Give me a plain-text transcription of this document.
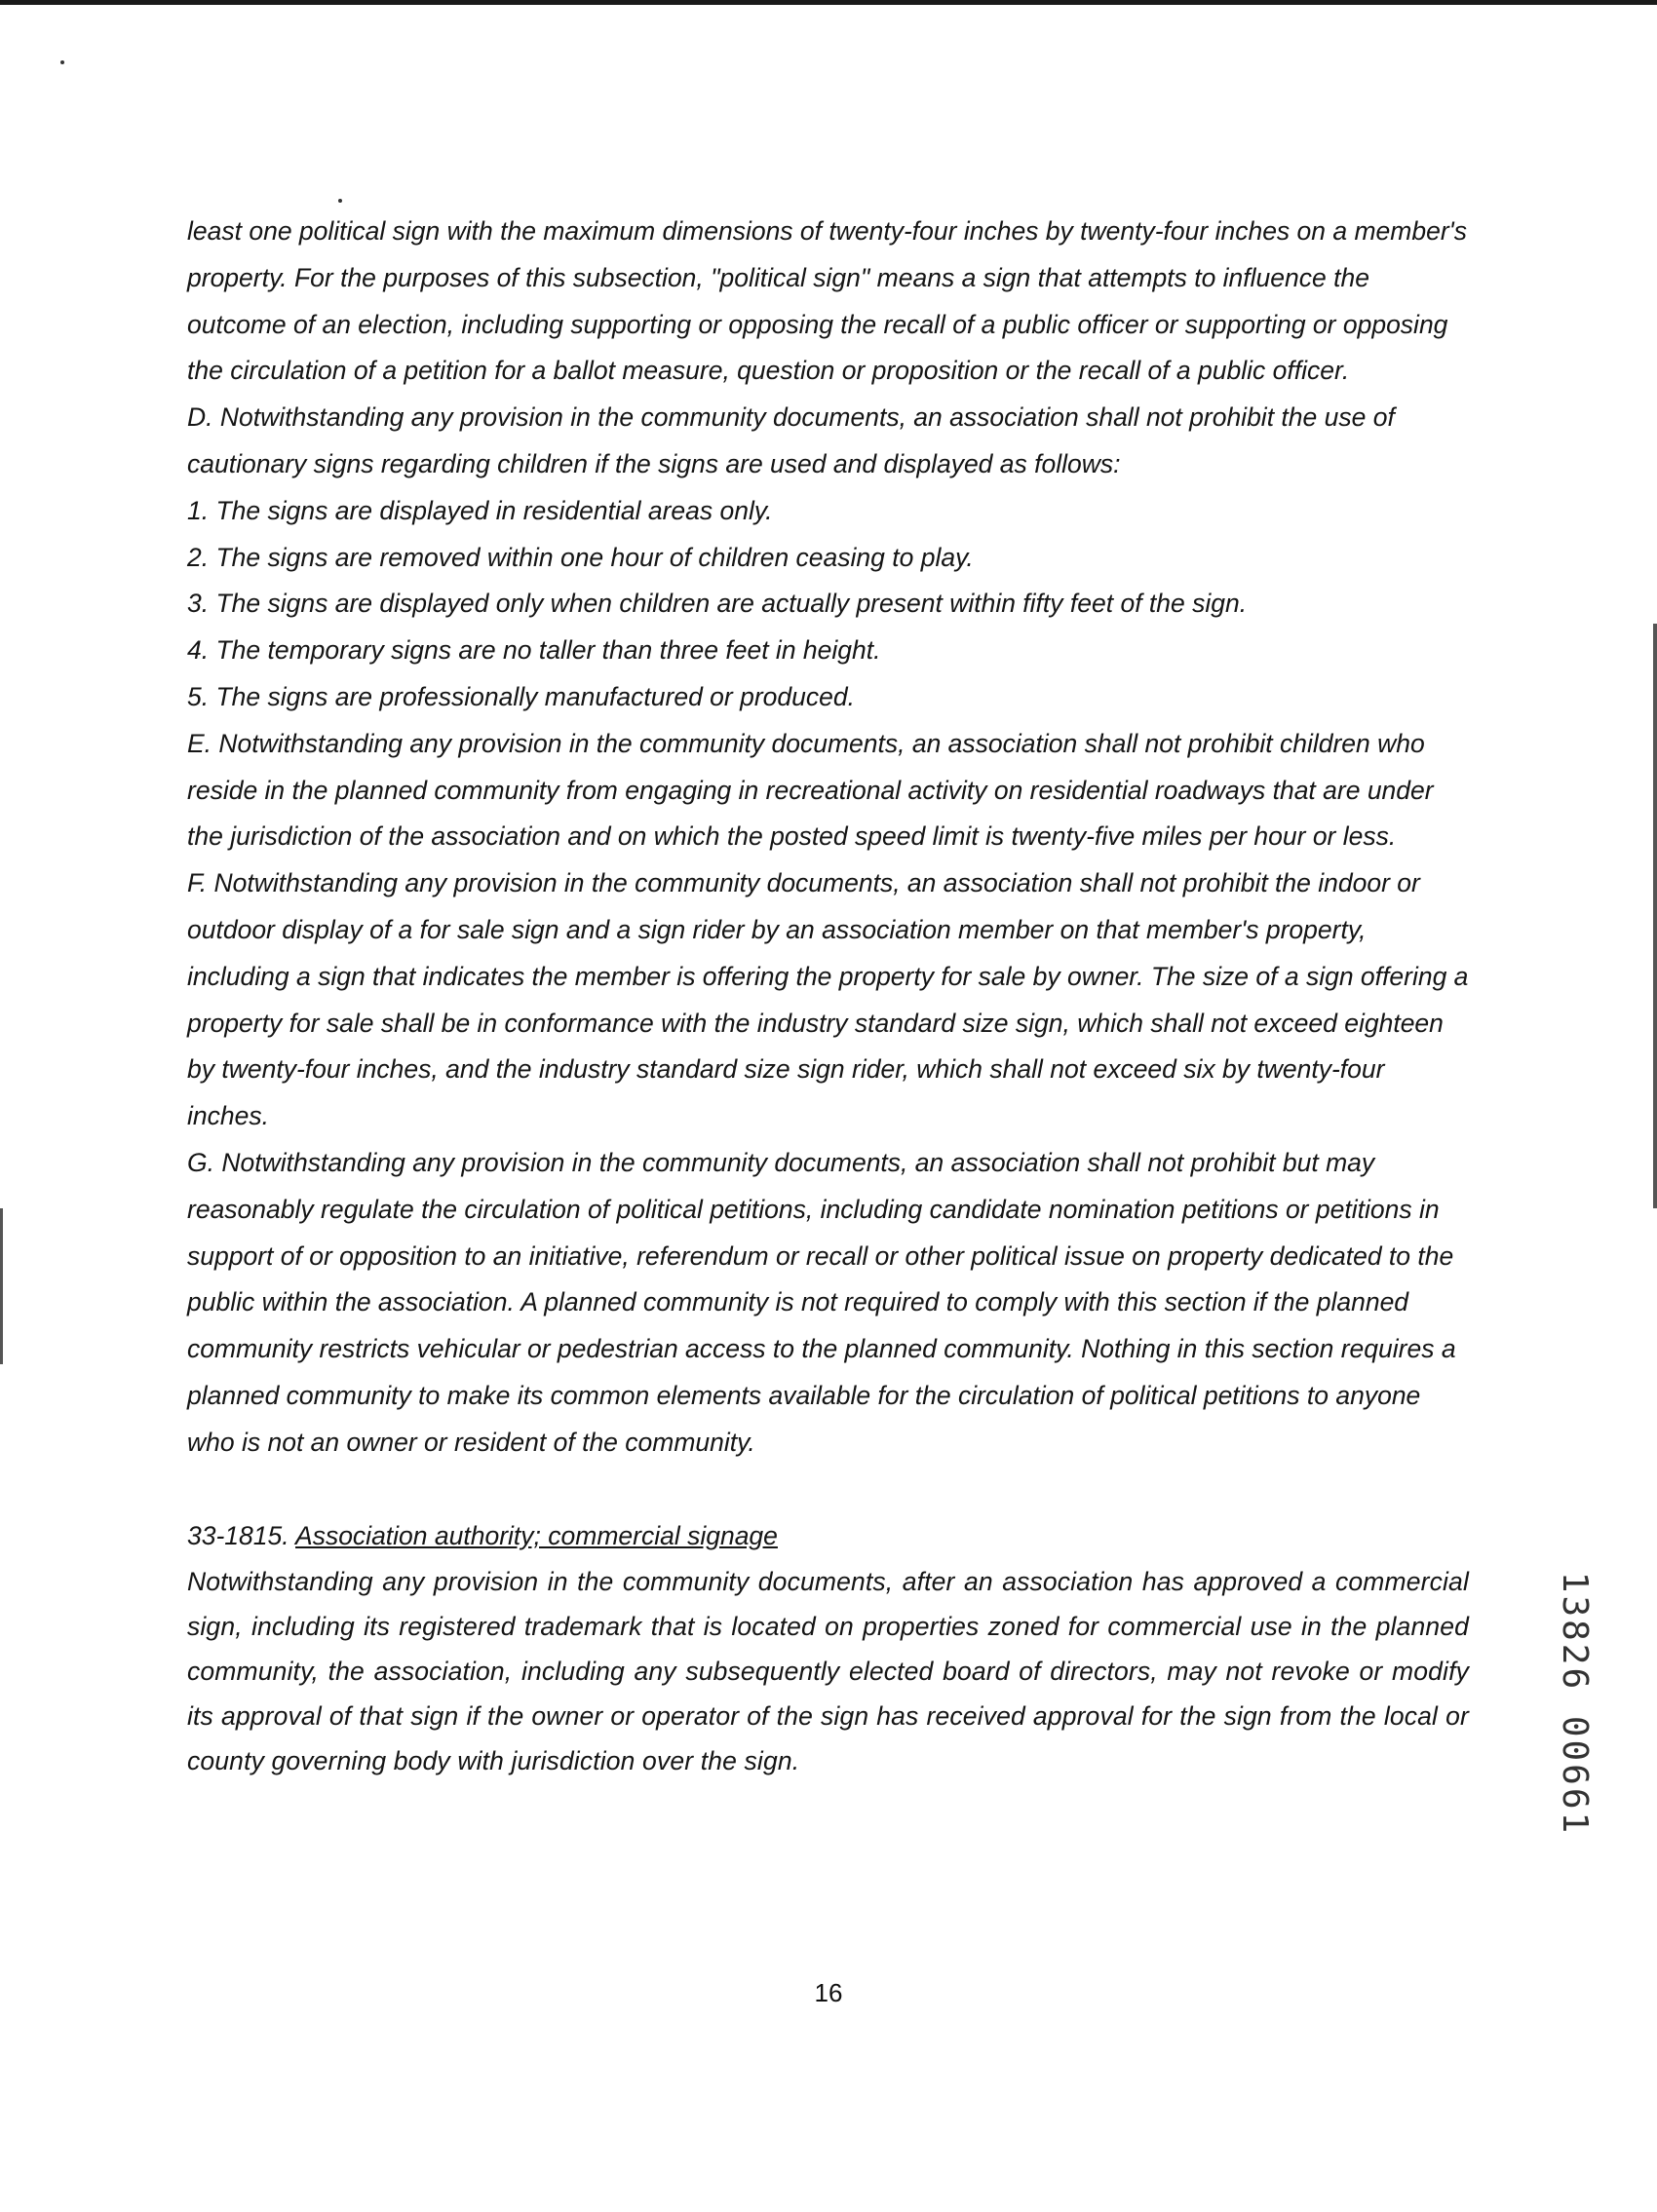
least one political sign with the maximum dimensions of twenty-four inches by twenty-four inches on a member's property. For the purposes of this subsection, "political sign" means a sign that attempts to influence the outcome of an election, including supporting or opposing the recall of a public officer or supporting or opposing the circulation of a petition for a ballot measure, question or proposition or the recall of a public officer.

D. Notwithstanding any provision in the community documents, an association shall not prohibit the use of cautionary signs regarding children if the signs are used and displayed as follows:

1. The signs are displayed in residential areas only.

2. The signs are removed within one hour of children ceasing to play.

3. The signs are displayed only when children are actually present within fifty feet of the sign.

4. The temporary signs are no taller than three feet in height.

5. The signs are professionally manufactured or produced.

E. Notwithstanding any provision in the community documents, an association shall not prohibit children who reside in the planned community from engaging in recreational activity on residential roadways that are under the jurisdiction of the association and on which the posted speed limit is twenty-five miles per hour or less.

F. Notwithstanding any provision in the community documents, an association shall not prohibit the indoor or outdoor display of a for sale sign and a sign rider by an association member on that member's property, including a sign that indicates the member is offering the property for sale by owner. The size of a sign offering a property for sale shall be in conformance with the industry standard size sign, which shall not exceed eighteen by twenty-four inches, and the industry standard size sign rider, which shall not exceed six by twenty-four inches.

G. Notwithstanding any provision in the community documents, an association shall not prohibit but may reasonably regulate the circulation of political petitions, including candidate nomination petitions or petitions in support of or opposition to an initiative, referendum or recall or other political issue on property dedicated to the public within the association. A planned community is not required to comply with this section if the planned community restricts vehicular or pedestrian access to the planned community. Nothing in this section requires a planned community to make its common elements available for the circulation of political petitions to anyone who is not an owner or resident of the community.

33-1815. Association authority; commercial signage

Notwithstanding any provision in the community documents, after an association has approved a commercial sign, including its registered trademark that is located on properties zoned for commercial use in the planned community, the association, including any subsequently elected board of directors, may not revoke or modify its approval of that sign if the owner or operator of the sign has received approval for the sign from the local or county governing body with jurisdiction over the sign.

16
13826 00661
